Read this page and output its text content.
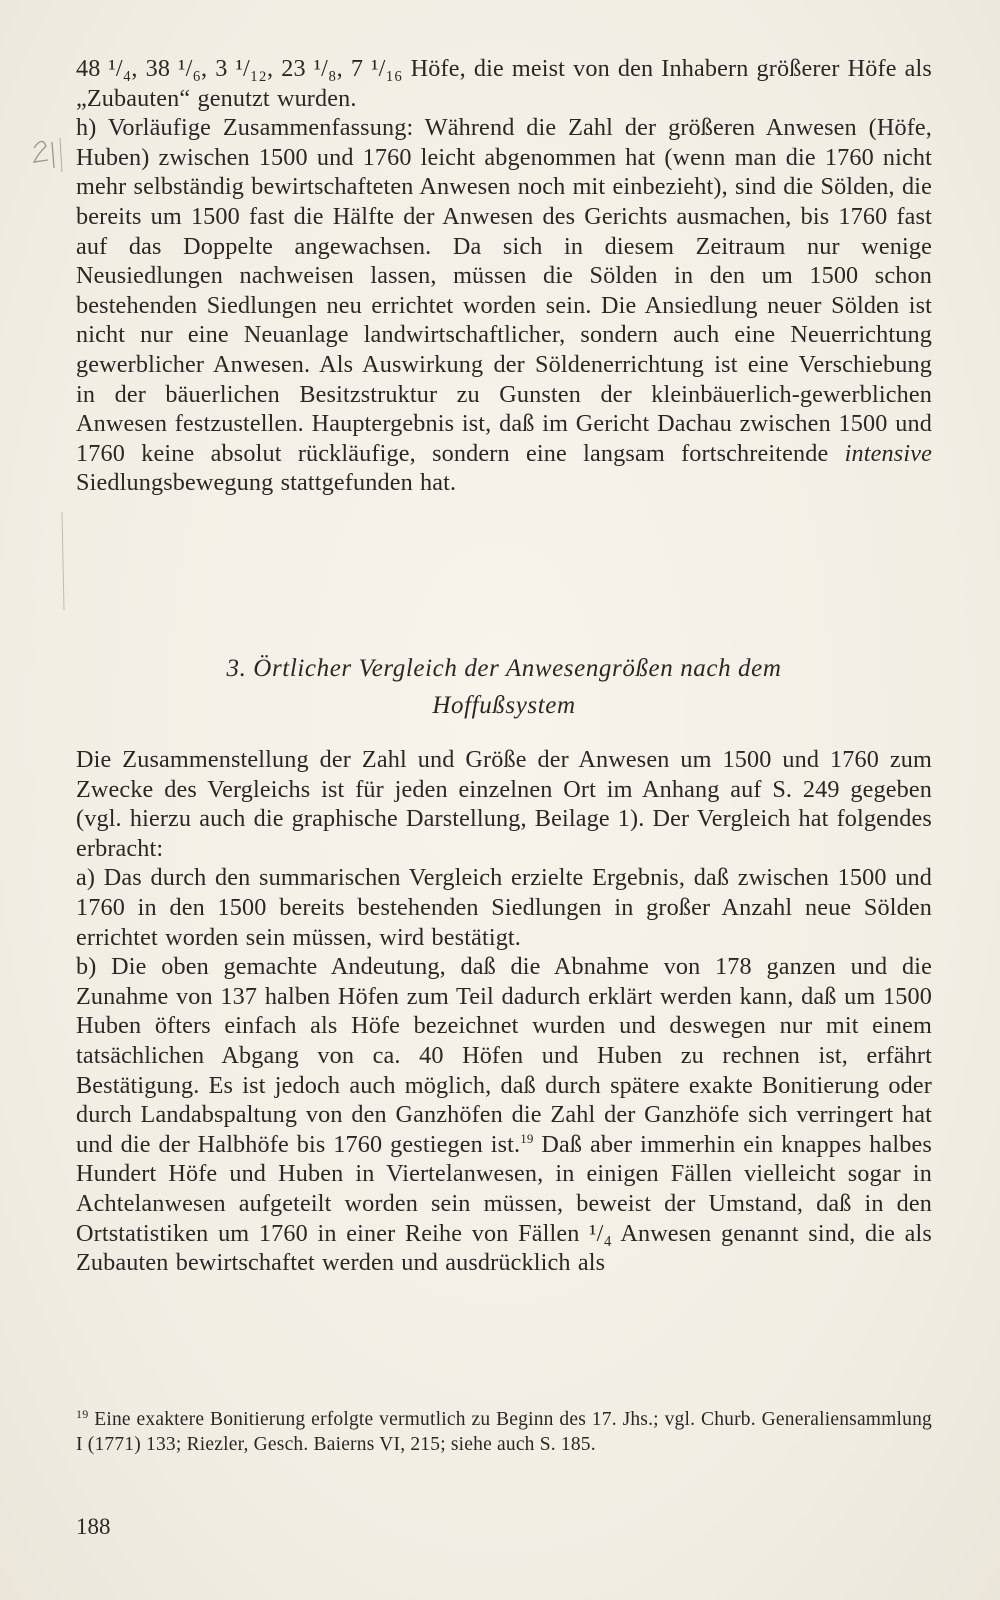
48 ¹/₄, 38 ¹/₆, 3 ¹/₁₂, 23 ¹/₈, 7 ¹/₁₆ Höfe, die meist von den Inhabern größerer Höfe als „Zubauten“ genutzt wurden.

h) Vorläufige Zusammenfassung: Während die Zahl der größeren Anwesen (Höfe, Huben) zwischen 1500 und 1760 leicht abgenommen hat (wenn man die 1760 nicht mehr selbständig bewirtschafteten Anwesen noch mit einbezieht), sind die Sölden, die bereits um 1500 fast die Hälfte der Anwesen des Gerichts ausmachen, bis 1760 fast auf das Doppelte angewachsen. Da sich in diesem Zeitraum nur wenige Neusiedlungen nachweisen lassen, müssen die Sölden in den um 1500 schon bestehenden Siedlungen neu errichtet worden sein. Die Ansiedlung neuer Sölden ist nicht nur eine Neuanlage landwirtschaftlicher, sondern auch eine Neuerrichtung gewerblicher Anwesen. Als Auswirkung der Söldenerrichtung ist eine Verschiebung in der bäuerlichen Besitzstruktur zu Gunsten der kleinbäuerlich-gewerblichen Anwesen festzustellen. Hauptergebnis ist, daß im Gericht Dachau zwischen 1500 und 1760 keine absolut rückläufige, sondern eine langsam fortschreitende intensive Siedlungsbewegung stattgefunden hat.

3. Örtlicher Vergleich der Anwesengrößen nach dem
Hoffußsystem

Die Zusammenstellung der Zahl und Größe der Anwesen um 1500 und 1760 zum Zwecke des Vergleichs ist für jeden einzelnen Ort im Anhang auf S. 249 gegeben (vgl. hierzu auch die graphische Darstellung, Beilage 1). Der Vergleich hat folgendes erbracht:

a) Das durch den summarischen Vergleich erzielte Ergebnis, daß zwischen 1500 und 1760 in den 1500 bereits bestehenden Siedlungen in großer Anzahl neue Sölden errichtet worden sein müssen, wird bestätigt.

b) Die oben gemachte Andeutung, daß die Abnahme von 178 ganzen und die Zunahme von 137 halben Höfen zum Teil dadurch erklärt werden kann, daß um 1500 Huben öfters einfach als Höfe bezeichnet wurden und deswegen nur mit einem tatsächlichen Abgang von ca. 40 Höfen und Huben zu rechnen ist, erfährt Bestätigung. Es ist jedoch auch möglich, daß durch spätere exakte Bonitierung oder durch Landabspaltung von den Ganzhöfen die Zahl der Ganzhöfe sich verringert hat und die der Halbhöfe bis 1760 gestiegen ist.$^{19}$ Daß aber immerhin ein knappes halbes Hundert Höfe und Huben in Viertelanwesen, in einigen Fällen vielleicht sogar in Achtelanwesen aufgeteilt worden sein müssen, beweist der Umstand, daß in den Ortstatistiken um 1760 in einer Reihe von Fällen ¹/₄ Anwesen genannt sind, die als Zubauten bewirtschaftet werden und ausdrücklich als

$^{19}$ Eine exaktere Bonitierung erfolgte vermutlich zu Beginn des 17. Jhs.; vgl. Churb. Generaliensammlung I (1771) 133; Riezler, Gesch. Baierns VI, 215; siehe auch S. 185.

188
